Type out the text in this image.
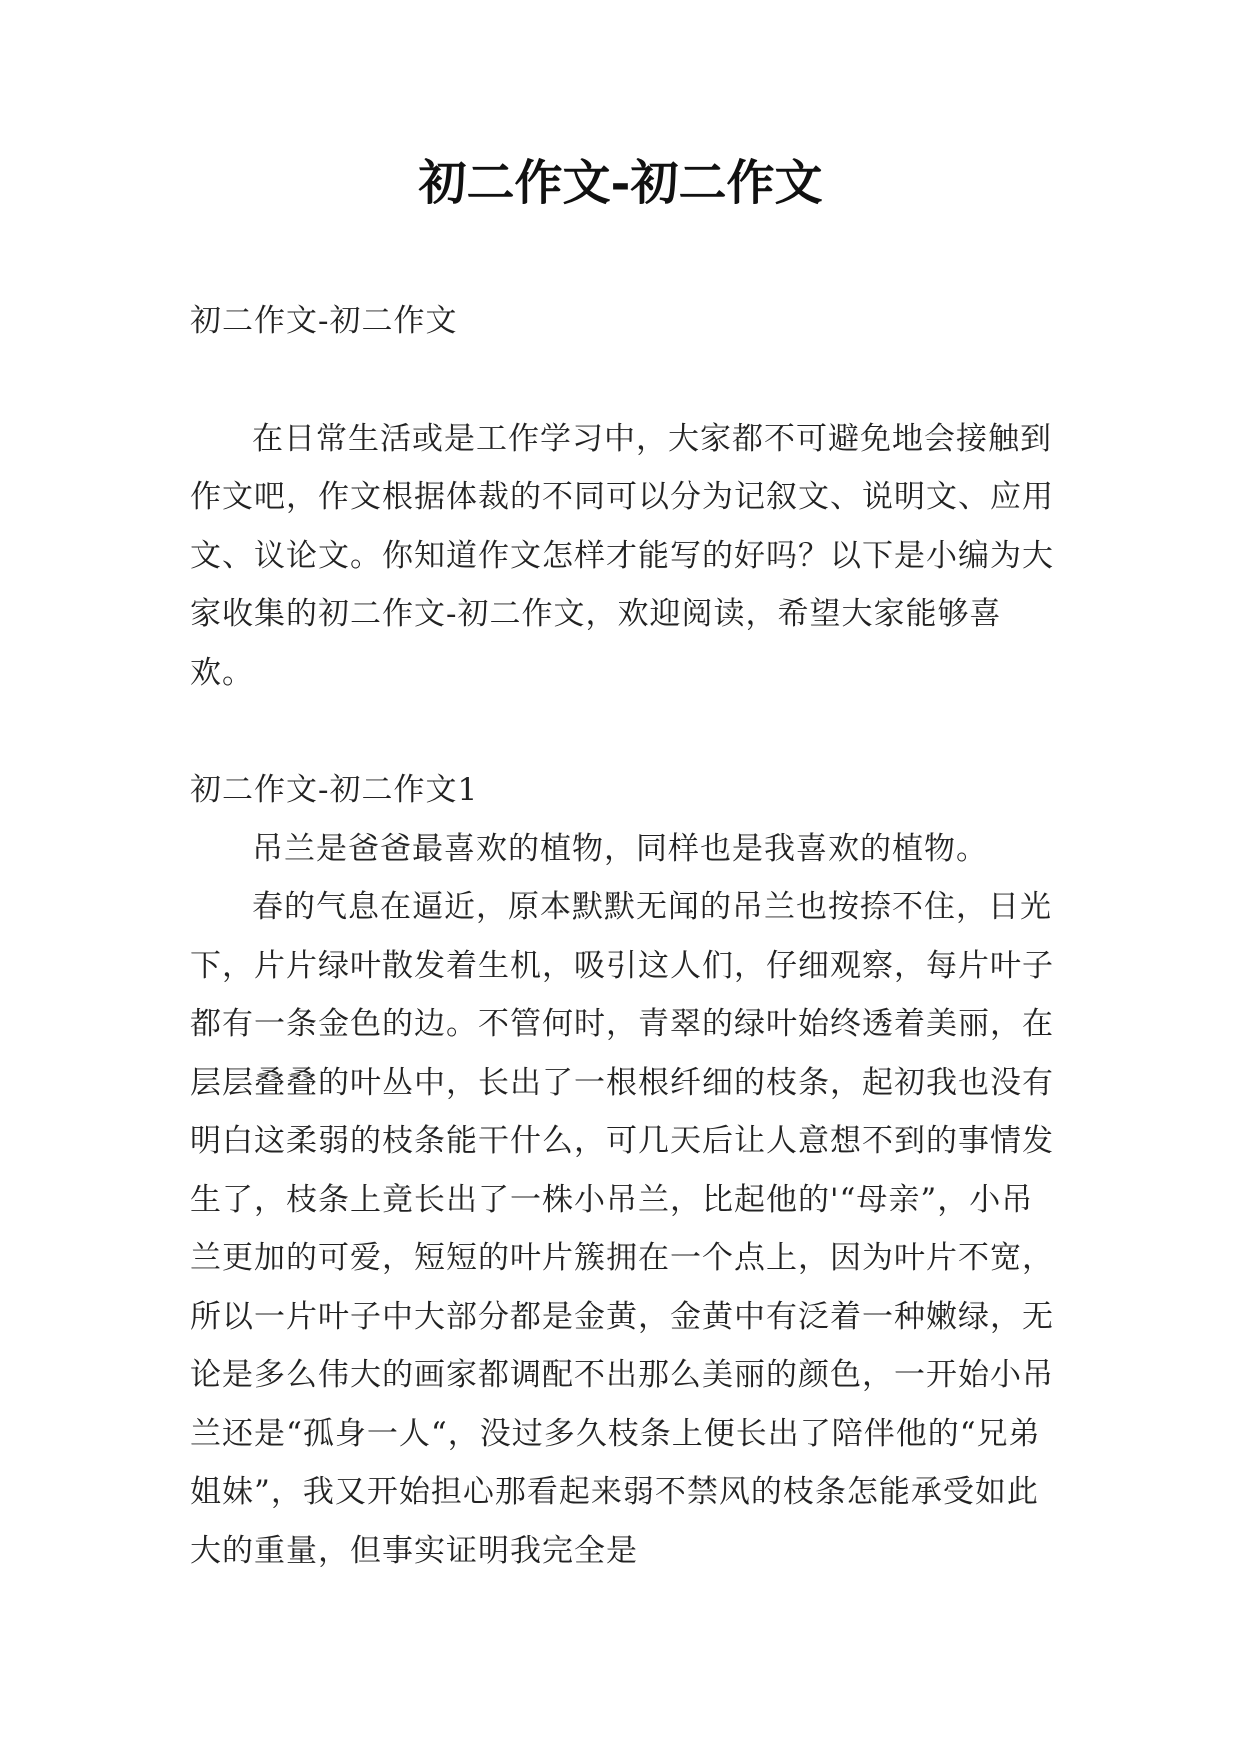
初二作文-初二作文
初二作文-初二作文

在日常生活或是工作学习中，大家都不可避免地会接触到作文吧，作文根据体裁的不同可以分为记叙文、说明文、应用文、议论文。你知道作文怎样才能写的好吗？以下是小编为大家收集的初二作文-初二作文，欢迎阅读，希望大家能够喜欢。

初二作文-初二作文1

吊兰是爸爸最喜欢的植物，同样也是我喜欢的植物。

春的气息在逼近，原本默默无闻的吊兰也按捺不住，日光下，片片绿叶散发着生机，吸引这人们，仔细观察，每片叶子都有一条金色的边。不管何时，青翠的绿叶始终透着美丽，在层层叠叠的叶丛中，长出了一根根纤细的枝条，起初我也没有明白这柔弱的枝条能干什么，可几天后让人意想不到的事情发生了，枝条上竟长出了一株小吊兰，比起他的'“母亲”，小吊兰更加的可爱，短短的叶片簇拥在一个点上，因为叶片不宽，所以一片叶子中大部分都是金黄，金黄中有泛着一种嫩绿，无论是多么伟大的画家都调配不出那么美丽的颜色，一开始小吊兰还是“孤身一人“，没过多久枝条上便长出了陪伴他的“兄弟姐妹”，我又开始担心那看起来弱不禁风的枝条怎能承受如此大的重量，但事实证明我完全是
